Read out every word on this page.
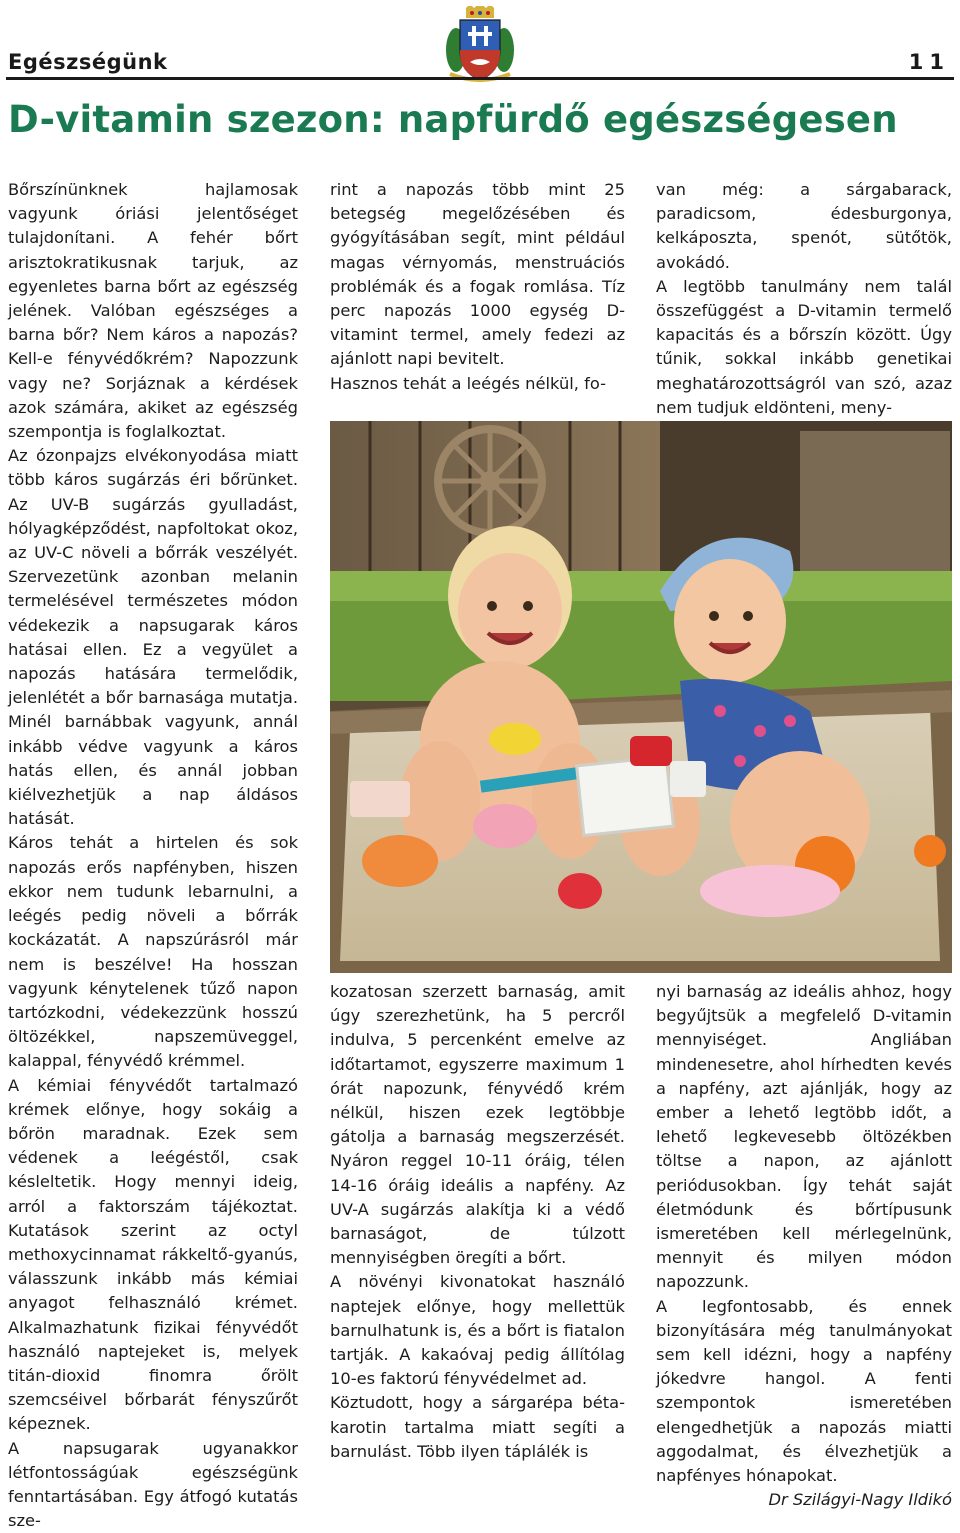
Egészségünk	11
D-vitamin szezon: napfürdő egészségesen

Bőrszínünknek hajlamosak vagyunk óriási jelentőséget tulajdonítani. A fehér bőrt arisztokratikusnak tarjuk, az egyenletes barna bőrt az egészség jelének. Valóban egészséges a barna bőr? Nem káros a napozás? Kell-e fényvédőkrém? Napozzunk vagy ne? Sorjáznak a kérdések azok számára, akiket az egészség szempontja is foglalkoztat.

Az ózonpajzs elvékonyodása miatt több káros sugárzás éri bőrünket. Az UV-B sugárzás gyulladást, hólyagképződést, napfoltokat okoz, az UV-C növeli a bőrrák veszélyét. Szervezetünk azonban melanin termelésével természetes módon védekezik a napsugarak káros hatásai ellen. Ez a vegyület a napozás hatására termelődik, jelenlétét a bőr barnasága mutatja. Minél barnábbak vagyunk, annál inkább védve vagyunk a káros hatás ellen, és annál jobban kiélvezhetjük a nap áldásos hatását.

Káros tehát a hirtelen és sok napozás erős napfényben, hiszen ekkor nem tudunk lebarnulni, a leégés pedig növeli a bőrrák kockázatát. A napszúrásról már nem is beszélve! Ha hosszan vagyunk kénytelenek tűző napon tartózkodni, védekezzünk hosszú öltözékkel, napszemüveggel, kalappal, fényvédő krémmel.

A kémiai fényvédőt tartalmazó krémek előnye, hogy sokáig a bőrön maradnak. Ezek sem védenek a leégéstől, csak késleltetik. Hogy mennyi ideig, arról a faktorszám tájékoztat. Kutatások szerint az octyl methoxycinnamat rákkeltő-gyanús, válasszunk inkább más kémiai anyagot felhasználó krémet. Alkalmazhatunk fizikai fényvédőt használó naptejeket is, melyek titán-dioxid finomra őrölt szemcséivel bőrbarát fényszűrőt képeznek.

A napsugarak ugyanakkor létfontosságúak egészségünk fenntartásában. Egy átfogó kutatás sze-

rint a napozás több mint 25 betegség megelőzésében és gyógyításában segít, mint például magas vérnyomás, menstruációs problémák és a fogak romlása. Tíz perc napozás 1000 egység D-vitamint termel, amely fedezi az ajánlott napi bevitelt.

Hasznos tehát a leégés nélkül, fo-

van még: a sárgabarack, paradicsom, édesburgonya, kelkáposzta, spenót, sütőtök, avokádó.

A legtöbb tanulmány nem talál összefüggést a D-vitamin termelő kapacitás és a bőrszín között. Úgy tűnik, sokkal inkább genetikai meghatározottságról van szó, azaz nem tudjuk eldönteni, meny-

kozatosan szerzett barnaság, amit úgy szerezhetünk, ha 5 percről indulva, 5 percenként emelve az időtartamot, egyszerre maximum 1 órát napozunk, fényvédő krém nélkül, hiszen ezek legtöbbje gátolja a barnaság megszerzését. Nyáron reggel 10-11 óráig, télen 14-16 óráig ideális a napfény. Az UV-A sugárzás alakítja ki a védő barnaságot, de túlzott mennyiségben öregíti a bőrt.

A növényi kivonatokat használó naptejek előnye, hogy mellettük barnulhatunk is, és a bőrt is fiatalon tartják. A kakaóvaj pedig állítólag 10-es faktorú fényvédelmet ad.

Köztudott, hogy a sárgarépa béta-karotin tartalma miatt segíti a barnulást. Több ilyen táplálék is

nyi barnaság az ideális ahhoz, hogy begyűjtsük a megfelelő D-vitamin mennyiséget. Angliában mindenesetre, ahol hírhedten kevés a napfény, azt ajánlják, hogy az ember a lehető legtöbb időt, a lehető legkevesebb öltözékben töltse a napon, az ajánlott periódusokban. Így tehát saját életmódunk és bőrtípusunk ismeretében kell mérlegelnünk, mennyit és milyen módon napozzunk.

A legfontosabb, és ennek bizonyítására még tanulmányokat sem kell idézni, hogy a napfény jókedvre hangol. A fenti szempontok ismeretében elengedhetjük a napozás miatti aggodalmat, és élvezhetjük a napfényes hónapokat.

Dr Szilágyi-Nagy Ildikó
